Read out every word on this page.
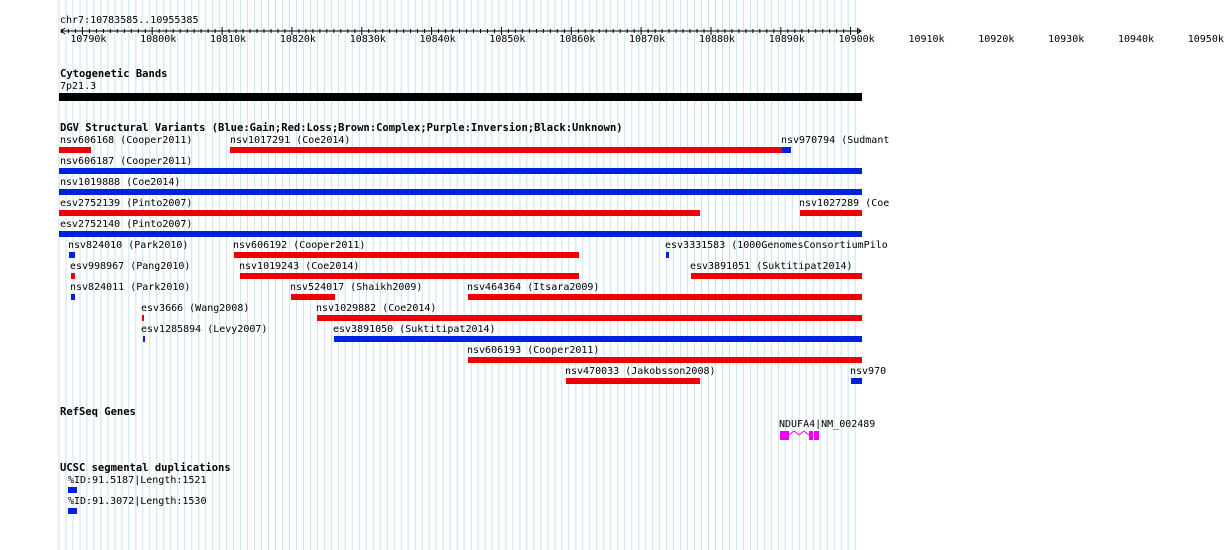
chr7:10783585..10955385
10790k	10800k	10810k	10820k	10830k	10840k	10850k	10860k	10870k	10880k	10890k	10900k	10910k	10920k	10930k	10940k	10950k
Cytogenetic Bands
7p21.3
DGV Structural Variants (Blue:Gain;Red:Loss;Brown:Complex;Purple:Inversion;Black:Unknown)
nsv606168 (Cooper2011)	nsv1017291 (Coe2014)	nsv970794 (Sudmant
nsv606187 (Cooper2011)
nsv1019888 (Coe2014)
esv2752139 (Pinto2007)	nsv1027289 (Coe
esv2752140 (Pinto2007)
nsv824010 (Park2010)	nsv606192 (Cooper2011)	esv3331583 (1000GenomesConsortiumPilo
esv998967 (Pang2010)	nsv1019243 (Coe2014)	esv3891051 (Suktitipat2014)
nsv824011 (Park2010)	nsv524017 (Shaikh2009)	nsv464364 (Itsara2009)
esv3666 (Wang2008)	nsv1029882 (Coe2014)
esv1285894 (Levy2007)	esv3891050 (Suktitipat2014)
nsv606193 (Cooper2011)
nsv470033 (Jakobsson2008)	nsv970
RefSeq Genes
NDUFA4|NM_002489
UCSC segmental duplications
%ID:91.5187|Length:1521
%ID:91.3072|Length:1530
